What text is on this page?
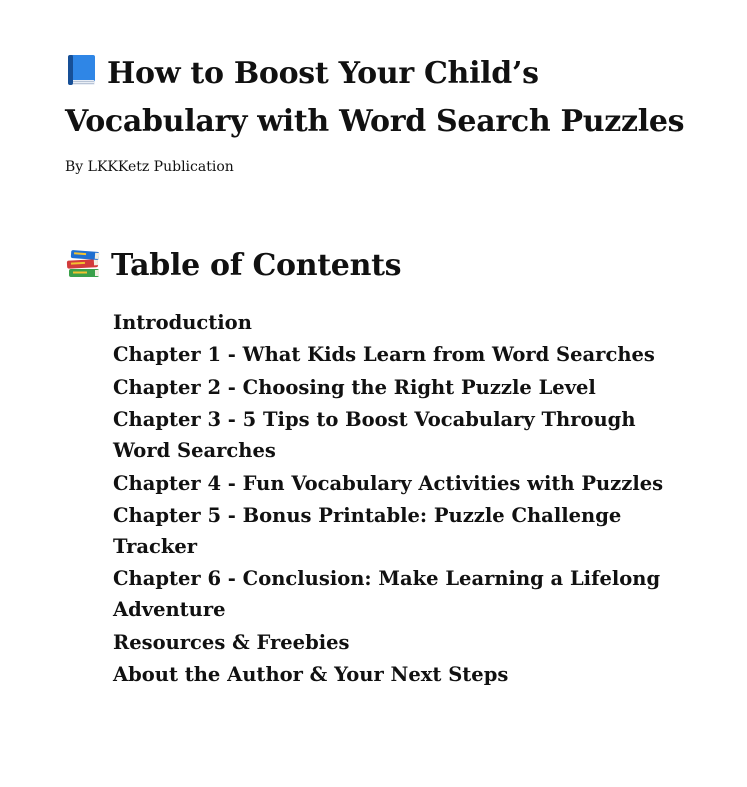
How to Boost Your Child’s Vocabulary with Word Search Puzzles

By LKKKetz Publication

Table of Contents
Introduction
Chapter 1 - What Kids Learn from Word Searches
Chapter 2 - Choosing the Right Puzzle Level
Chapter 3 - 5 Tips to Boost Vocabulary Through Word Searches
Chapter 4 - Fun Vocabulary Activities with Puzzles
Chapter 5 - Bonus Printable: Puzzle Challenge Tracker
Chapter 6 - Conclusion: Make Learning a Lifelong Adventure
Resources & Freebies
About the Author & Your Next Steps
